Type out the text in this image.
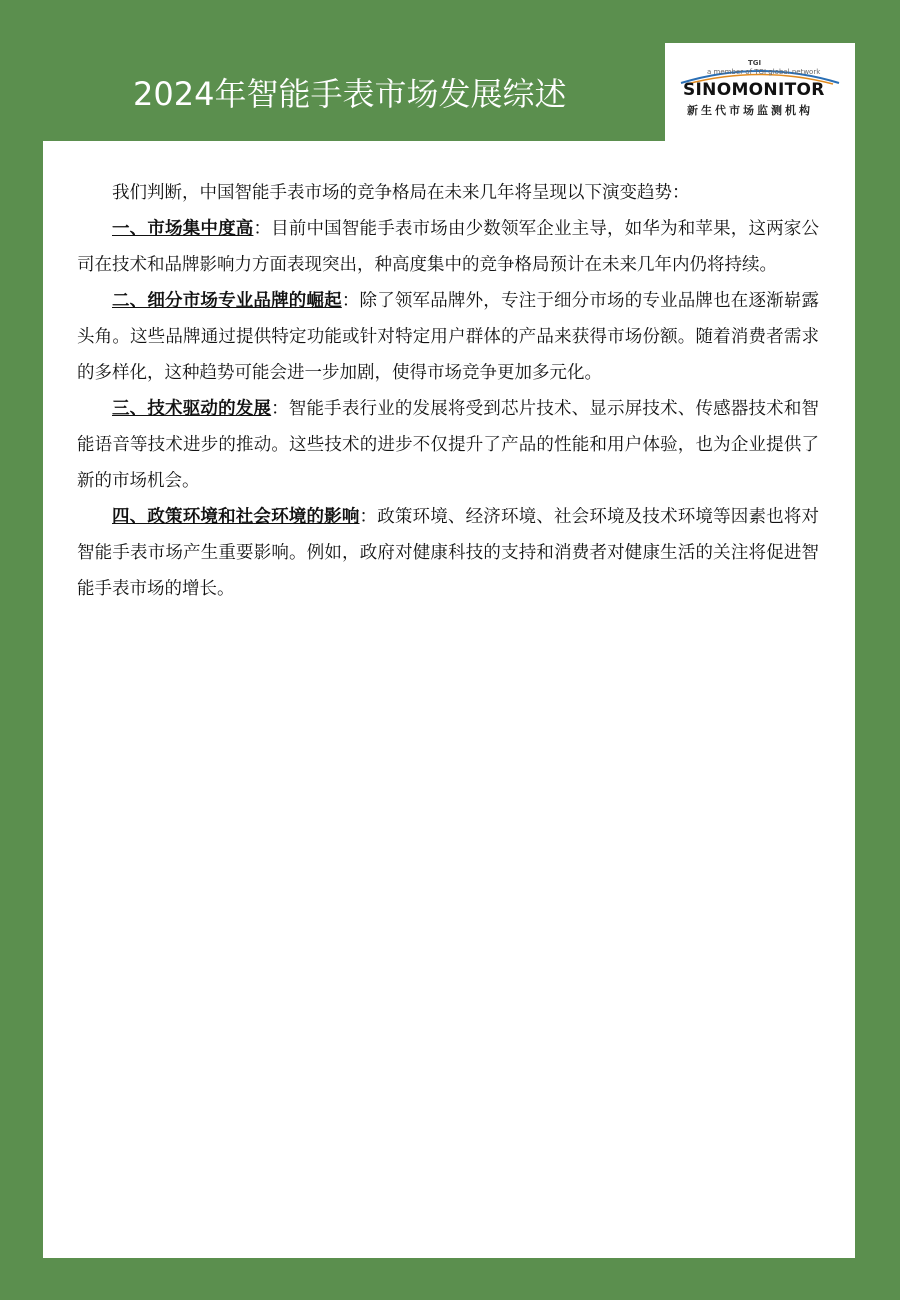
2024年智能手表市场发展综述
TGI
a member of TGI global network
SINOMONITOR
新生代市场监测机构

我们判断，中国智能手表市场的竞争格局在未来几年将呈现以下演变趋势：

一、市场集中度高：目前中国智能手表市场由少数领军企业主导，如华为和苹果，这两家公司在技术和品牌影响力方面表现突出，种高度集中的竞争格局预计在未来几年内仍将持续。

二、细分市场专业品牌的崛起：除了领军品牌外，专注于细分市场的专业品牌也在逐渐崭露头角。这些品牌通过提供特定功能或针对特定用户群体的产品来获得市场份额。随着消费者需求的多样化，这种趋势可能会进一步加剧，使得市场竞争更加多元化。

三、技术驱动的发展：智能手表行业的发展将受到芯片技术、显示屏技术、传感器技术和智能语音等技术进步的推动。这些技术的进步不仅提升了产品的性能和用户体验，也为企业提供了新的市场机会。

四、政策环境和社会环境的影响：政策环境、经济环境、社会环境及技术环境等因素也将对智能手表市场产生重要影响。例如，政府对健康科技的支持和消费者对健康生活的关注将促进智能手表市场的增长。
